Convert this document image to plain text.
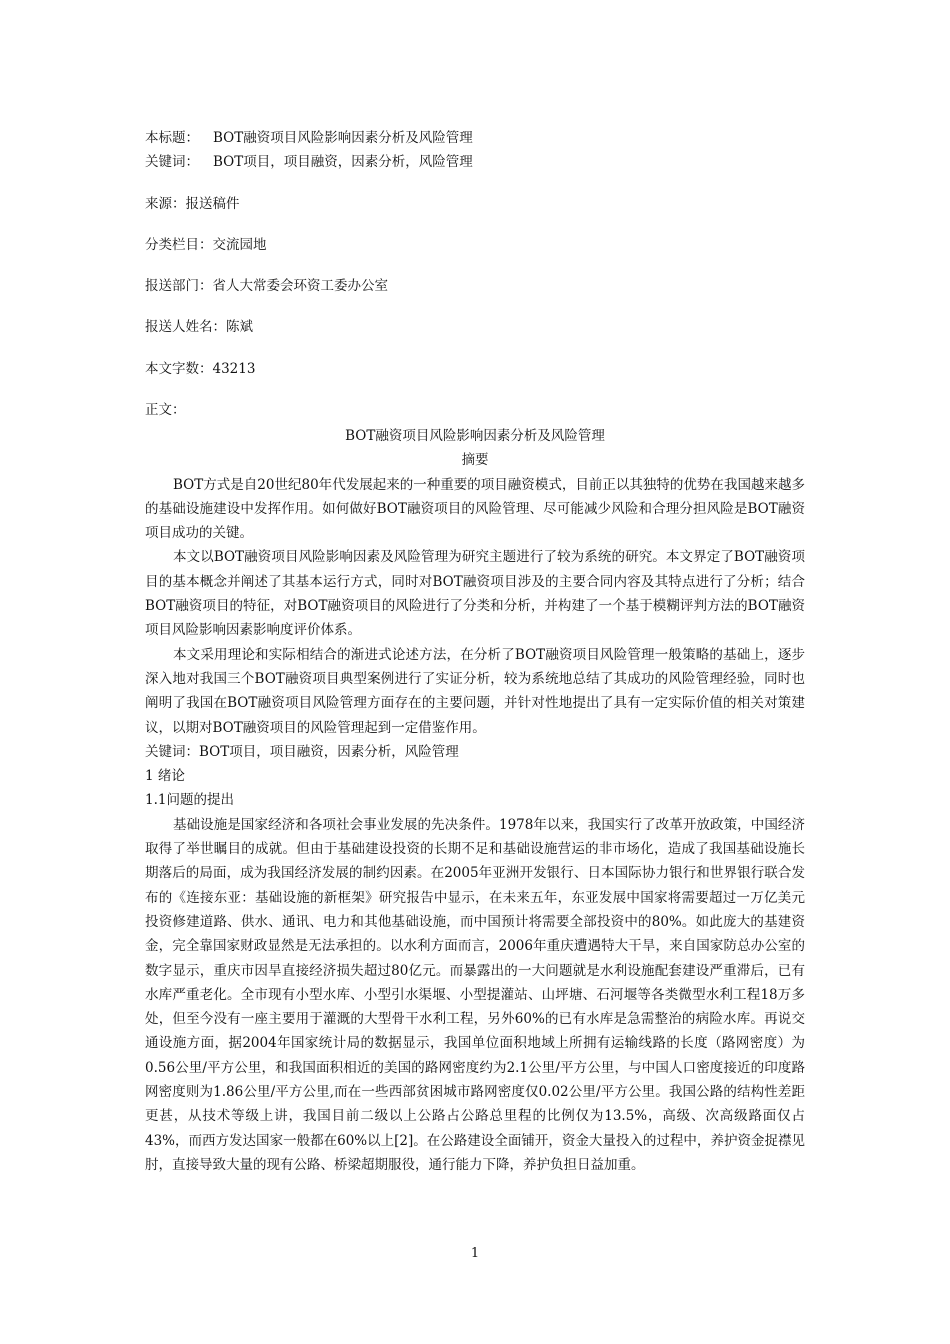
本标题： BOT融资项目风险影响因素分析及风险管理
关键词： BOT项目，项目融资，因素分析，风险管理
来源：报送稿件
分类栏目：交流园地
报送部门：省人大常委会环资工委办公室
报送人姓名：陈斌
本文字数：43213
正文：

BOT融资项目风险影响因素分析及风险管理

摘要

BOT方式是自20世纪80年代发展起来的一种重要的项目融资模式，目前正以其独特的优势在我国越来越多的基础设施建设中发挥作用。如何做好BOT融资项目的风险管理、尽可能减少风险和合理分担风险是BOT融资项目成功的关键。

本文以BOT融资项目风险影响因素及风险管理为研究主题进行了较为系统的研究。本文界定了BOT融资项目的基本概念并阐述了其基本运行方式，同时对BOT融资项目涉及的主要合同内容及其特点进行了分析；结合BOT融资项目的特征，对BOT融资项目的风险进行了分类和分析，并构建了一个基于模糊评判方法的BOT融资项目风险影响因素影响度评价体系。

本文采用理论和实际相结合的渐进式论述方法，在分析了BOT融资项目风险管理一般策略的基础上，逐步深入地对我国三个BOT融资项目典型案例进行了实证分析，较为系统地总结了其成功的风险管理经验，同时也阐明了我国在BOT融资项目风险管理方面存在的主要问题，并针对性地提出了具有一定实际价值的相关对策建议，以期对BOT融资项目的风险管理起到一定借鉴作用。

关键词：BOT项目，项目融资，因素分析，风险管理

1 绪论

1.1问题的提出

基础设施是国家经济和各项社会事业发展的先决条件。1978年以来，我国实行了改革开放政策，中国经济取得了举世瞩目的成就。但由于基础建设投资的长期不足和基础设施营运的非市场化，造成了我国基础设施长期落后的局面，成为我国经济发展的制约因素。在2005年亚洲开发银行、日本国际协力银行和世界银行联合发布的《连接东亚：基础设施的新框架》研究报告中显示，在未来五年，东亚发展中国家将需要超过一万亿美元投资修建道路、供水、通讯、电力和其他基础设施，而中国预计将需要全部投资中的80%。如此庞大的基建资金，完全靠国家财政显然是无法承担的。以水利方面而言，2006年重庆遭遇特大干旱，来自国家防总办公室的数字显示，重庆市因旱直接经济损失超过80亿元。而暴露出的一大问题就是水利设施配套建设严重滞后，已有水库严重老化。全市现有小型水库、小型引水渠堰、小型提灌站、山坪塘、石河堰等各类微型水利工程18万多处，但至今没有一座主要用于灌溉的大型骨干水利工程，另外60%的已有水库是急需整治的病险水库。再说交通设施方面，据2004年国家统计局的数据显示，我国单位面积地域上所拥有运输线路的长度（路网密度）为0.56公里/平方公里，和我国面积相近的美国的路网密度约为2.1公里/平方公里，与中国人口密度接近的印度路网密度则为1.86公里/平方公里,而在一些西部贫困城市路网密度仅0.02公里/平方公里。我国公路的结构性差距更甚，从技术等级上讲，我国目前二级以上公路占公路总里程的比例仅为13.5%，高级、次高级路面仅占43%，而西方发达国家一般都在60%以上[2]。在公路建设全面铺开，资金大量投入的过程中，养护资金捉襟见肘，直接导致大量的现有公路、桥梁超期服役，通行能力下降，养护负担日益加重。

1
